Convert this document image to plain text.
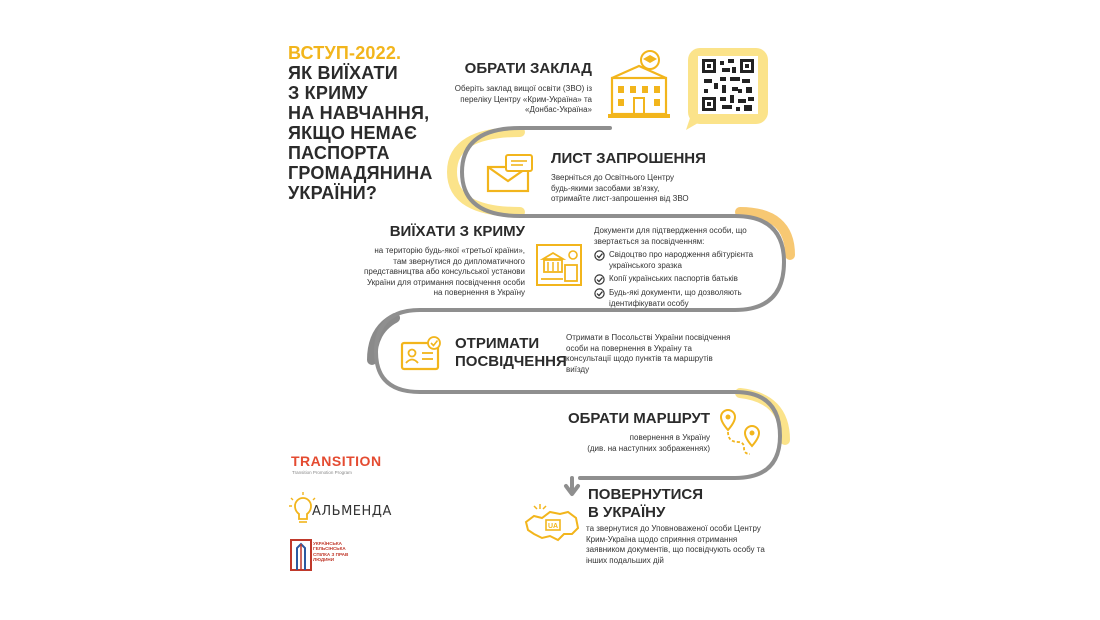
ВСТУП-2022.
ЯК ВИЇХАТИ
З КРИМУ
НА НАВЧАННЯ,
ЯКЩО НЕМАЄ
ПАСПОРТА
ГРОМАДЯНИНА
УКРАЇНИ?
ОБРАТИ ЗАКЛАД
Оберіть заклад вищої освіти (ЗВО) із
переліку Центру «Крим-Україна» та
«Донбас-Україна»
ЛИСТ ЗАПРОШЕННЯ
Зверніться до Освітнього Центру
будь-якими засобами зв'язку,
отримайте лист-запрошення від ЗВО
ВИЇХАТИ З КРИМУ
на територію будь-якої «третьої країни»,
там звернутися до дипломатичного
представництва або консульської установи
України для отримання посвідчення особи
на повернення в Україну
Документи для підтвердження особи, що
звертається за посвідченням:
Свідоцтво про народження абітурієнта
українського зразка
Копії українських паспортів батьків
Будь-які документи, що дозволяють
ідентифікувати особу
ОТРИМАТИ
ПОСВІДЧЕННЯ
Отримати в Посольстві України посвідчення
особи на повернення в Україну та
консультації щодо пунктів та маршрутів
виїзду
ОБРАТИ МАРШРУТ
повернення в Україну
(див. на наступних зображеннях)
UA
ПОВЕРНУТИСЯ
В УКРАЇНУ
та звернутися до Уповноваженої особи Центру
Крим-Україна щодо сприяння отримання
заявником документів, що посвідчують особу та
інших подальших дій
TRANSITION
Transition Promotion Program
АЛЬМЕНДА
УКРАЇНСЬКА
ГЕЛЬСІНСЬКА
СПІЛКА З ПРАВ
ЛЮДИНИ
